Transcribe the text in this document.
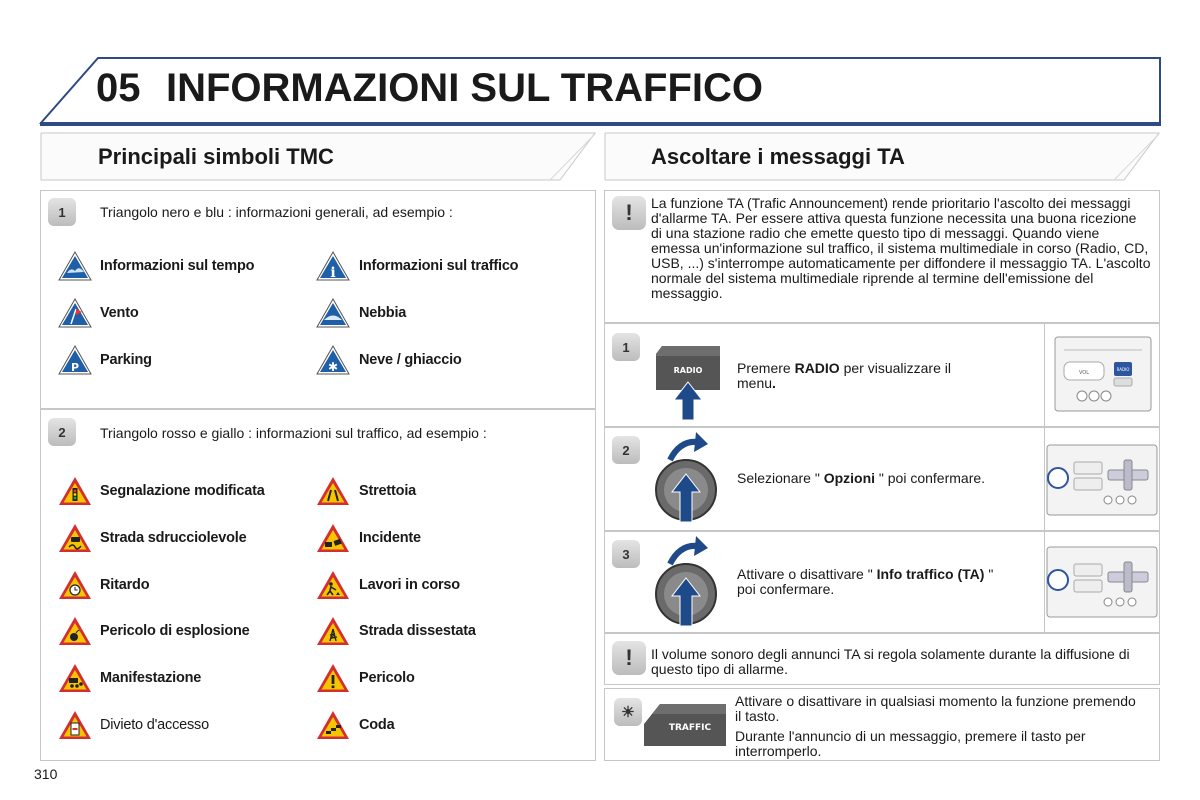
05 INFORMAZIONI SUL TRAFFICO
Principali simboli TMC	Ascoltare i messaggi TA
1	Triangolo nero e blu : informazioni generali, ad esempio :
Informazioni sul tempo	i Informazioni sul traffico
Vento	Nebbia
P Parking	✱ Neve / ghiaccio
2	Triangolo rosso e giallo : informazioni sul traffico, ad esempio :
Segnalazione modificata	Strettoia
Strada sdrucciolevole	Incidente
Ritardo	Lavori in corso
Pericolo di esplosione	Strada dissestata
Manifestazione	Pericolo
Divieto d'accesso	Coda
!	La funzione TA (Trafic Announcement) rende prioritario l'ascolto dei messaggi d'allarme TA. Per essere attiva questa funzione necessita una buona ricezione di una stazione radio che emette questo tipo di messaggi. Quando viene emessa un'informazione sul traffico, il sistema multimediale in corso (Radio, CD, USB, ...) s'interrompe automaticamente per diffondere il messaggio TA. L'ascolto normale del sistema multimediale riprende al termine dell'emissione del messaggio.
1
RADIO Premere RADIO per visualizzare il
menu.
VOL
RADIO
2
Selezionare " Opzioni " poi confermare.
3
Attivare o disattivare " Info traffico (TA) "
poi confermare.
!	Il volume sonoro degli annunci TA si regola solamente durante la diffusione di questo tipo di allarme.
☀
TRAFFIC
Attivare o disattivare in qualsiasi momento la funzione premendo il tasto.
Durante l'annuncio di un messaggio, premere il tasto per interromperlo.
310
